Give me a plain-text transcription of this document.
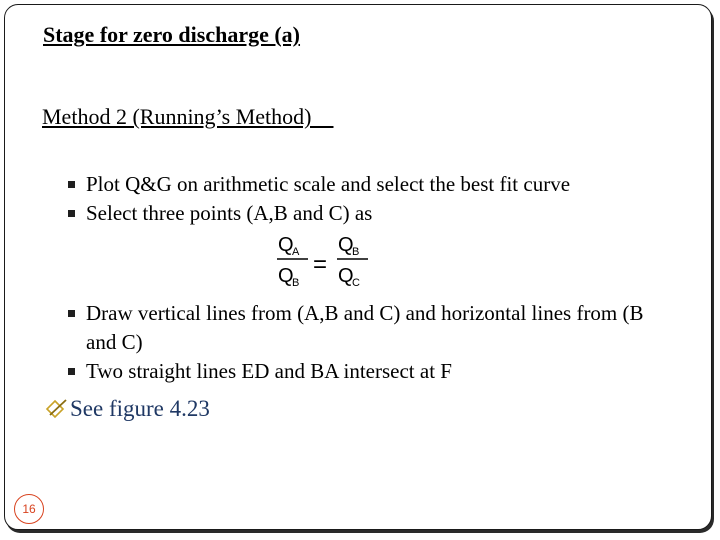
Stage for zero discharge (a)
Method 2 (Running’s Method)
Plot Q&G on arithmetic scale and select the best fit curve
Select three points (A,B and C) as
Q
A
Q
B
=
Q
B
Q
C
Draw vertical lines from (A,B and C) and horizontal lines from (B and C)
Two straight lines ED and BA intersect at F
See figure 4.23
16
